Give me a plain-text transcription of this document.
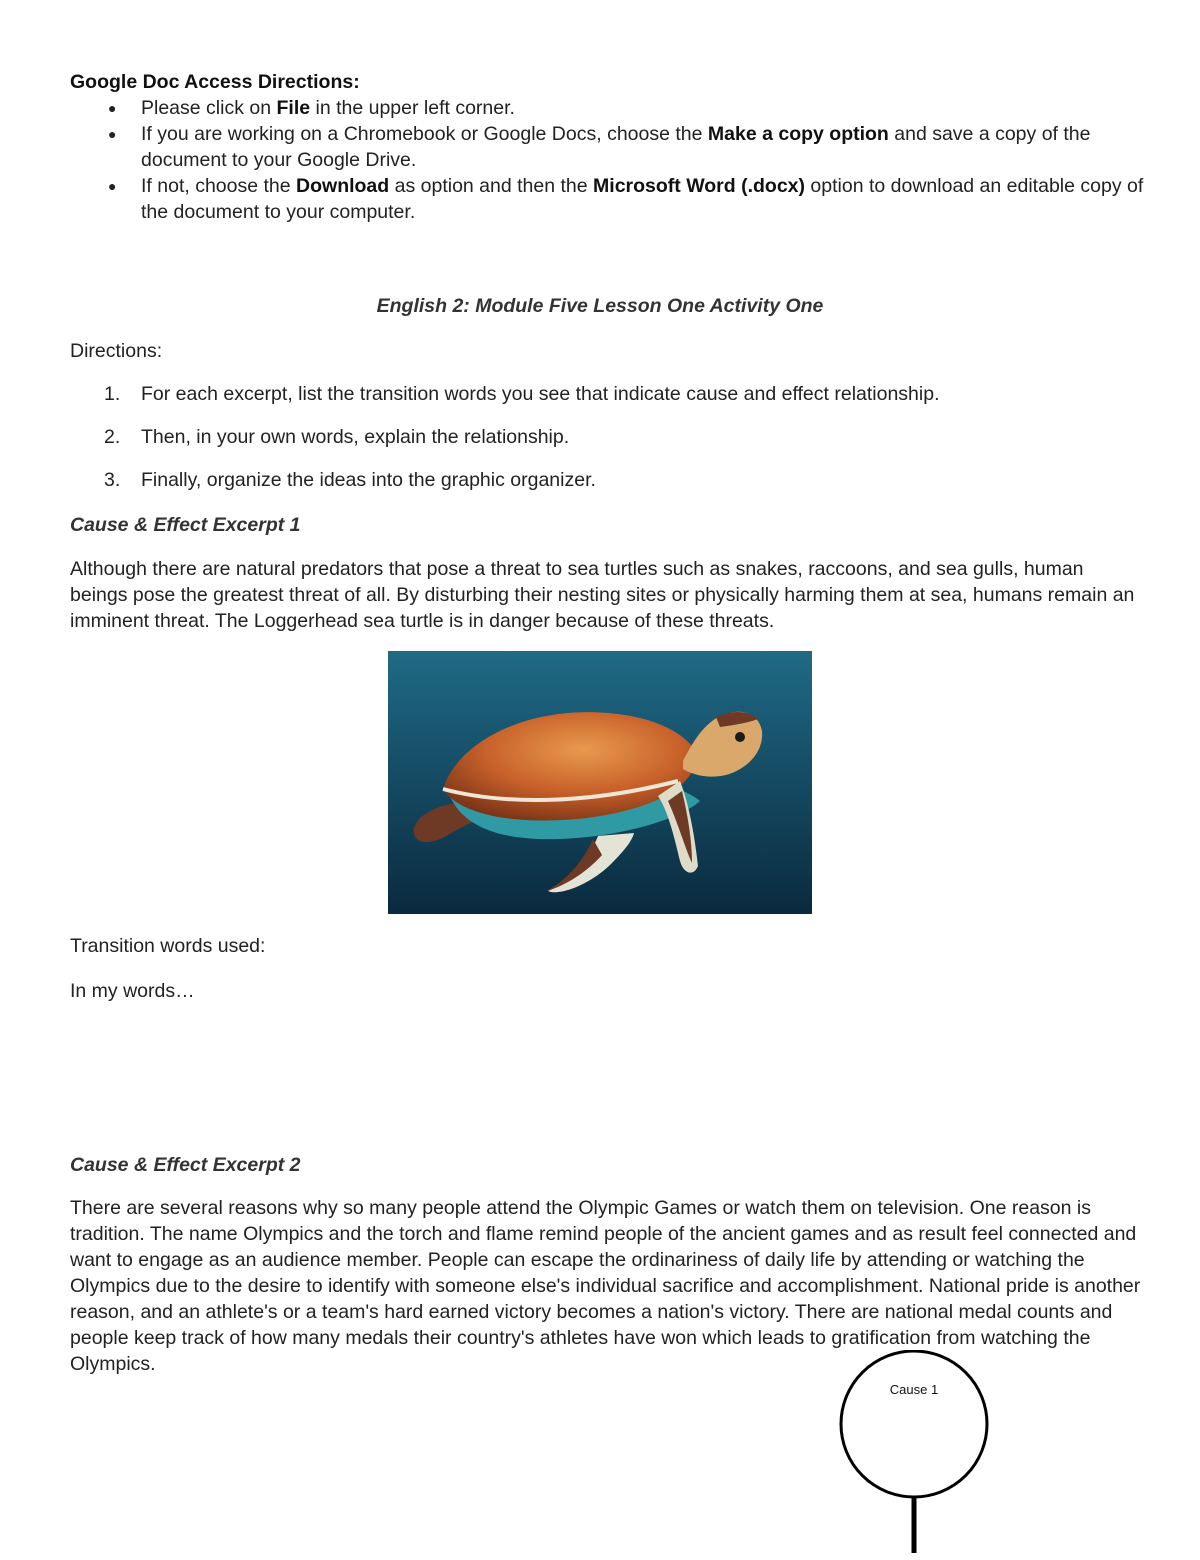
Google Doc Access Directions:
● Please click on File in the upper left corner.
● If you are working on a Chromebook or Google Docs, choose the Make a copy option and save a copy of the document to your Google Drive.
● If not, choose the Download as option and then the Microsoft Word (.docx) option to download an editable copy of the document to your computer.
English 2: Module Five Lesson One Activity One
Directions:
1. For each excerpt, list the transition words you see that indicate cause and effect relationship.
2. Then, in your own words, explain the relationship.
3. Finally, organize the ideas into the graphic organizer.
Cause & Effect Excerpt 1
Although there are natural predators that pose a threat to sea turtles such as snakes, raccoons, and sea gulls, human beings pose the greatest threat of all. By disturbing their nesting sites or physically harming them at sea, humans remain an imminent threat. The Loggerhead sea turtle is in danger because of these threats.
Transition words used:
In my words…
Cause & Effect Excerpt 2
There are several reasons why so many people attend the Olympic Games or watch them on television. One reason is tradition. The name Olympics and the torch and flame remind people of the ancient games and as result feel connected and want to engage as an audience member. People can escape the ordinariness of daily life by attending or watching the Olympics due to the desire to identify with someone else's individual sacrifice and accomplishment. National pride is another reason, and an athlete's or a team's hard earned victory becomes a nation's victory. There are national medal counts and people keep track of how many medals their country's athletes have won which leads to gratification from watching the Olympics.
Cause 1
